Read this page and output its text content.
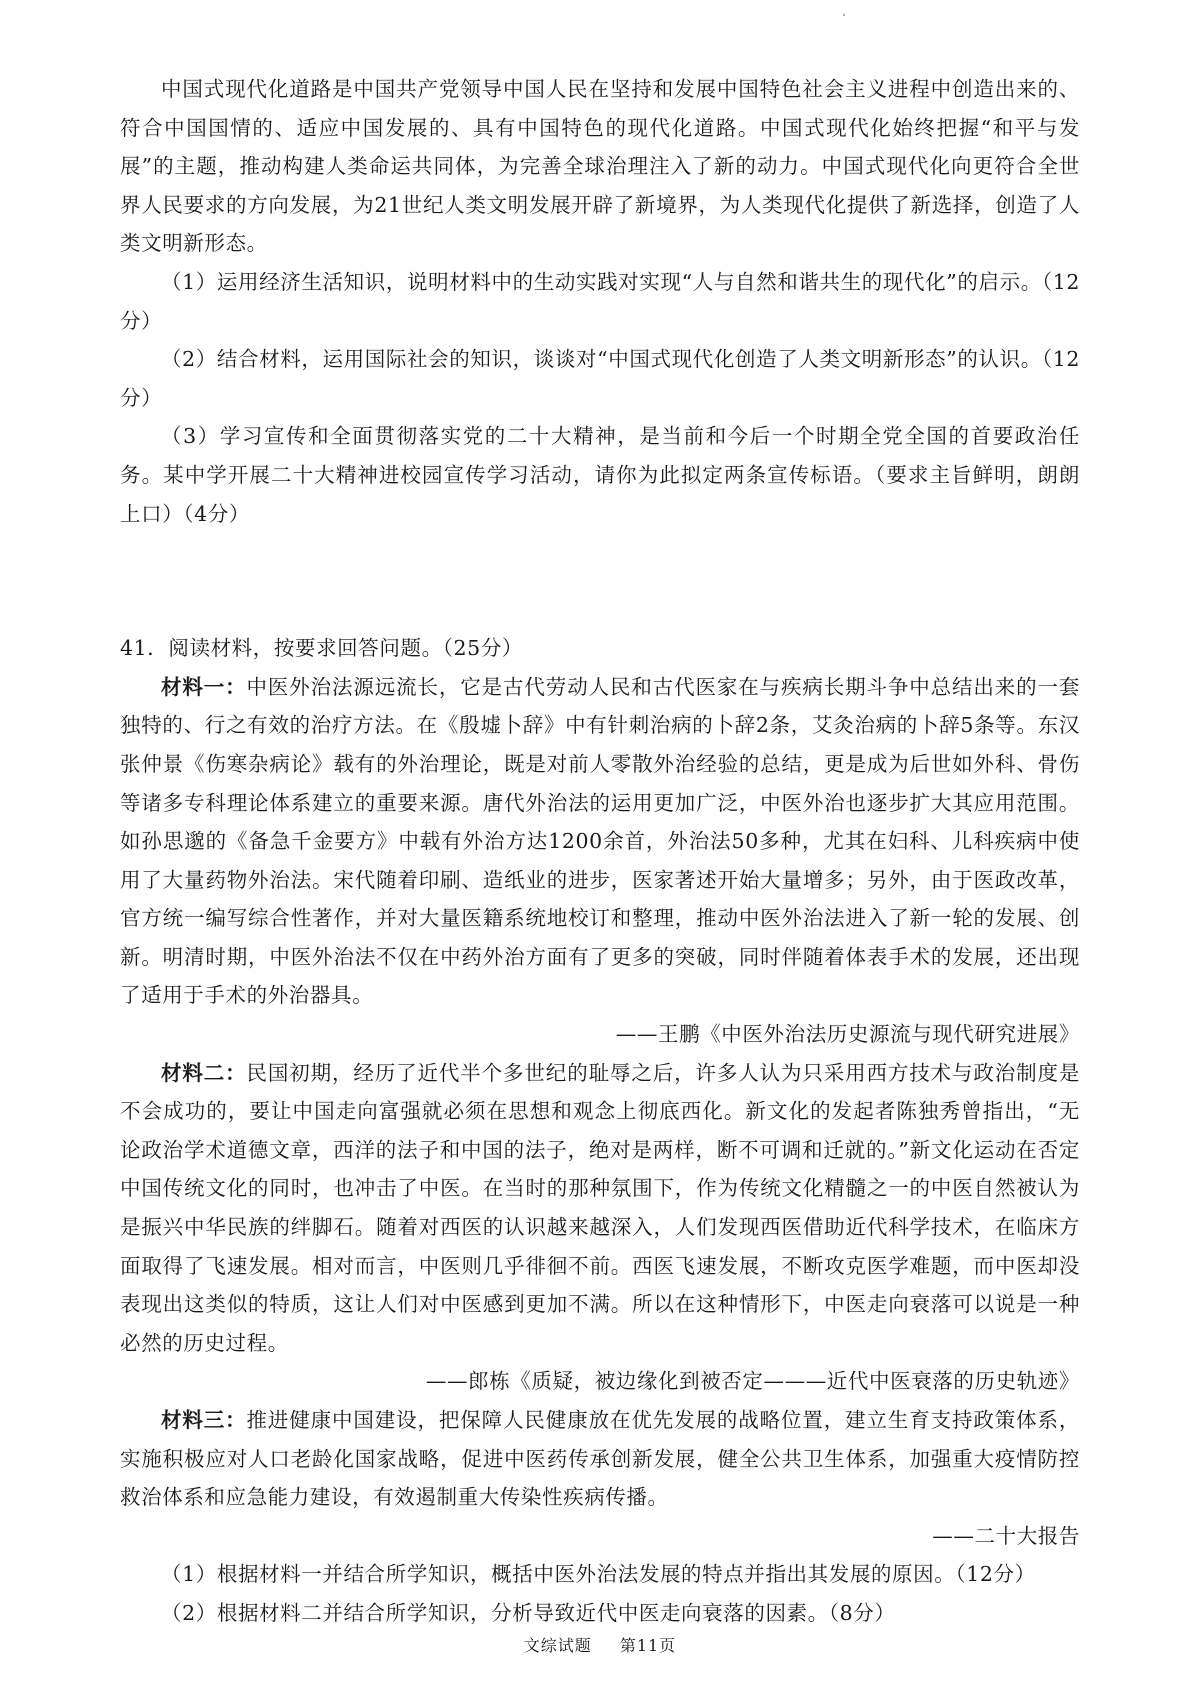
中国式现代化道路是中国共产党领导中国人民在坚持和发展中国特色社会主义进程中创造出来的、符合中国国情的、适应中国发展的、具有中国特色的现代化道路。中国式现代化始终把握“和平与发展”的主题，推动构建人类命运共同体，为完善全球治理注入了新的动力。中国式现代化向更符合全世界人民要求的方向发展，为21世纪人类文明发展开辟了新境界，为人类现代化提供了新选择，创造了人类文明新形态。

（1）运用经济生活知识，说明材料中的生动实践对实现“人与自然和谐共生的现代化”的启示。（12分）

（2）结合材料，运用国际社会的知识，谈谈对“中国式现代化创造了人类文明新形态”的认识。（12分）

（3）学习宣传和全面贯彻落实党的二十大精神，是当前和今后一个时期全党全国的首要政治任务。某中学开展二十大精神进校园宣传学习活动，请你为此拟定两条宣传标语。（要求主旨鲜明，朗朗上口）（4分）

41．阅读材料，按要求回答问题。（25分）

材料一：中医外治法源远流长，它是古代劳动人民和古代医家在与疾病长期斗争中总结出来的一套独特的、行之有效的治疗方法。在《殷墟卜辞》中有针刺治病的卜辞2条，艾灸治病的卜辞5条等。东汉张仲景《伤寒杂病论》载有的外治理论，既是对前人零散外治经验的总结，更是成为后世如外科、骨伤等诸多专科理论体系建立的重要来源。唐代外治法的运用更加广泛，中医外治也逐步扩大其应用范围。如孙思邈的《备急千金要方》中载有外治方达1200余首，外治法50多种，尤其在妇科、儿科疾病中使用了大量药物外治法。宋代随着印刷、造纸业的进步，医家著述开始大量增多；另外，由于医政改革，官方统一编写综合性著作，并对大量医籍系统地校订和整理，推动中医外治法进入了新一轮的发展、创新。明清时期，中医外治法不仅在中药外治方面有了更多的突破，同时伴随着体表手术的发展，还出现了适用于手术的外治器具。

——王鹏《中医外治法历史源流与现代研究进展》

材料二：民国初期，经历了近代半个多世纪的耻辱之后，许多人认为只采用西方技术与政治制度是不会成功的，要让中国走向富强就必须在思想和观念上彻底西化。新文化的发起者陈独秀曾指出，“无论政治学术道德文章，西洋的法子和中国的法子，绝对是两样，断不可调和迁就的。”新文化运动在否定中国传统文化的同时，也冲击了中医。在当时的那种氛围下，作为传统文化精髓之一的中医自然被认为是振兴中华民族的绊脚石。随着对西医的认识越来越深入，人们发现西医借助近代科学技术，在临床方面取得了飞速发展。相对而言，中医则几乎徘徊不前。西医飞速发展，不断攻克医学难题，而中医却没表现出这类似的特质，这让人们对中医感到更加不满。所以在这种情形下，中医走向衰落可以说是一种必然的历史过程。

——郎栋《质疑，被边缘化到被否定———近代中医衰落的历史轨迹》

材料三：推进健康中国建设，把保障人民健康放在优先发展的战略位置，建立生育支持政策体系，实施积极应对人口老龄化国家战略，促进中医药传承创新发展，健全公共卫生体系，加强重大疫情防控救治体系和应急能力建设，有效遏制重大传染性疾病传播。

——二十大报告

（1）根据材料一并结合所学知识，概括中医外治法发展的特点并指出其发展的原因。（12分）

（2）根据材料二并结合所学知识，分析导致近代中医走向衰落的因素。（8分）

文综试题 第11页
